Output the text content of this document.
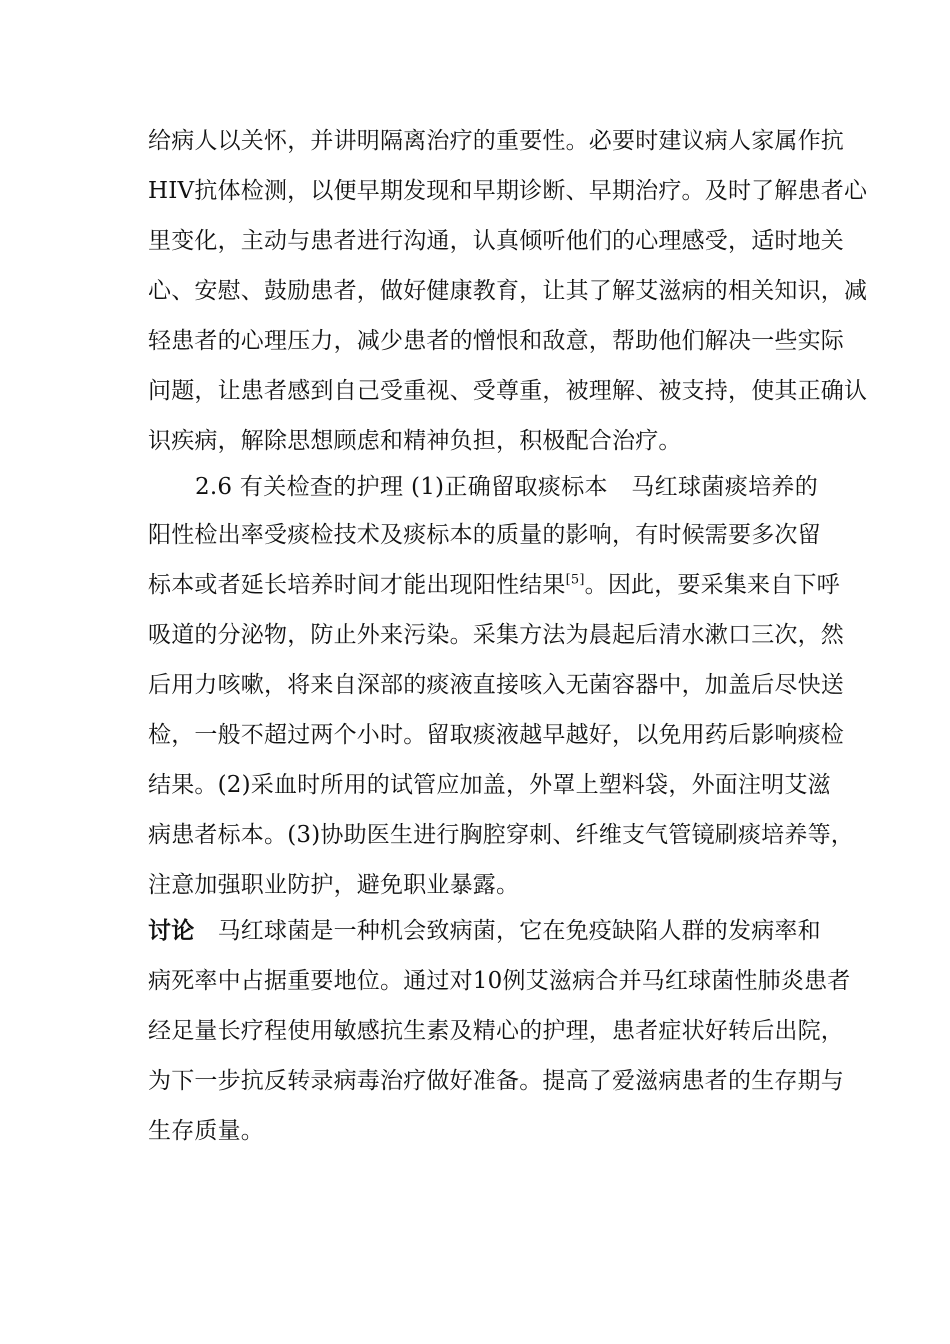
给病人以关怀，并讲明隔离治疗的重要性。必要时建议病人家属作抗
HIV抗体检测，以便早期发现和早期诊断、早期治疗。及时了解患者心
里变化，主动与患者进行沟通，认真倾听他们的心理感受，适时地关
心、安慰、鼓励患者，做好健康教育，让其了解艾滋病的相关知识，减
轻患者的心理压力，减少患者的憎恨和敌意，帮助他们解决一些实际
问题，让患者感到自己受重视、受尊重，被理解、被支持，使其正确认
识疾病，解除思想顾虑和精神负担，积极配合治疗。
2.6 有关检查的护理 (1)正确留取痰标本　马红球菌痰培养的
阳性检出率受痰检技术及痰标本的质量的影响，有时候需要多次留
标本或者延长培养时间才能出现阳性结果[5]。因此，要采集来自下呼
吸道的分泌物，防止外来污染。采集方法为晨起后清水漱口三次，然
后用力咳嗽，将来自深部的痰液直接咳入无菌容器中，加盖后尽快送
检，一般不超过两个小时。留取痰液越早越好，以免用药后影响痰检
结果。(2)采血时所用的试管应加盖，外罩上塑料袋，外面注明艾滋
病患者标本。(3)协助医生进行胸腔穿刺、纤维支气管镜刷痰培养等，
注意加强职业防护，避免职业暴露。
讨论　马红球菌是一种机会致病菌，它在免疫缺陷人群的发病率和
病死率中占据重要地位。通过对10例艾滋病合并马红球菌性肺炎患者
经足量长疗程使用敏感抗生素及精心的护理，患者症状好转后出院，
为下一步抗反转录病毒治疗做好准备。提高了爱滋病患者的生存期与
生存质量。
